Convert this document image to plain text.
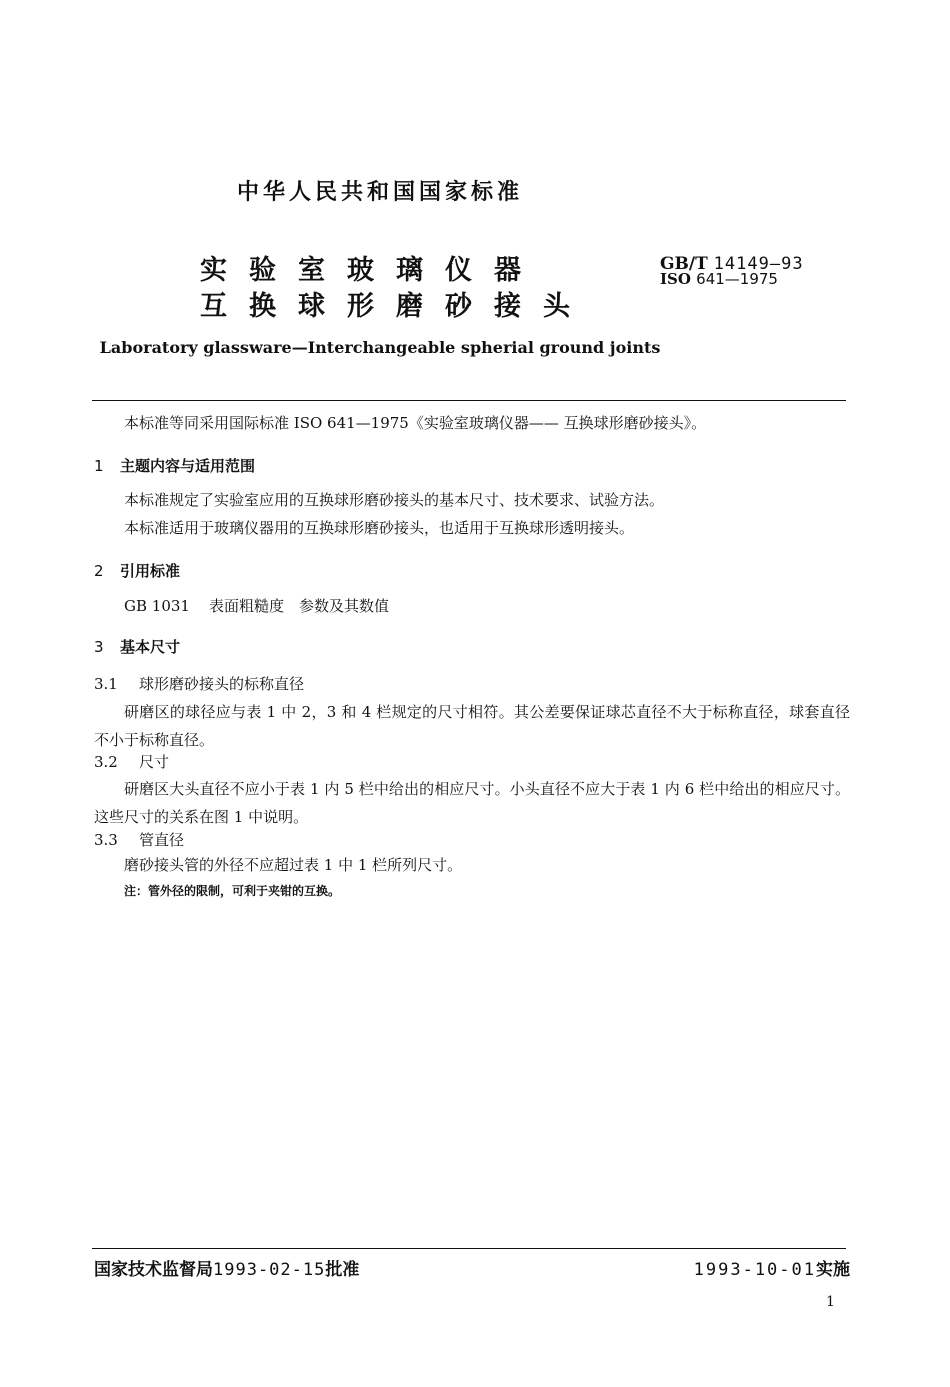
中华人民共和国国家标准
实验室玻璃仪器
互换球形磨砂接头
GB/T 14149—93
ISO 641—1975
Laboratory glassware—Interchangeable spherial ground joints
本标准等同采用国际标准 ISO 641—1975《实验室玻璃仪器—— 互换球形磨砂接头》。
1 主题内容与适用范围
本标准规定了实验室应用的互换球形磨砂接头的基本尺寸、技术要求、试验方法。
本标准适用于玻璃仪器用的互换球形磨砂接头，也适用于互换球形透明接头。
2 引用标准
GB 1031 表面粗糙度　参数及其数值
3 基本尺寸
3.1 球形磨砂接头的标称直径
研磨区的球径应与表 1 中 2，3 和 4 栏规定的尺寸相符。其公差要保证球芯直径不大于标称直径，球套直径不小于标称直径。
3.2 尺寸
研磨区大头直径不应小于表 1 内 5 栏中给出的相应尺寸。小头直径不应大于表 1 内 6 栏中给出的相应尺寸。这些尺寸的关系在图 1 中说明。
3.3 管直径
磨砂接头管的外径不应超过表 1 中 1 栏所列尺寸。
注：管外径的限制，可利于夹钳的互换。
国家技术监督局1993-02-15批准	1993-10-01实施
1
